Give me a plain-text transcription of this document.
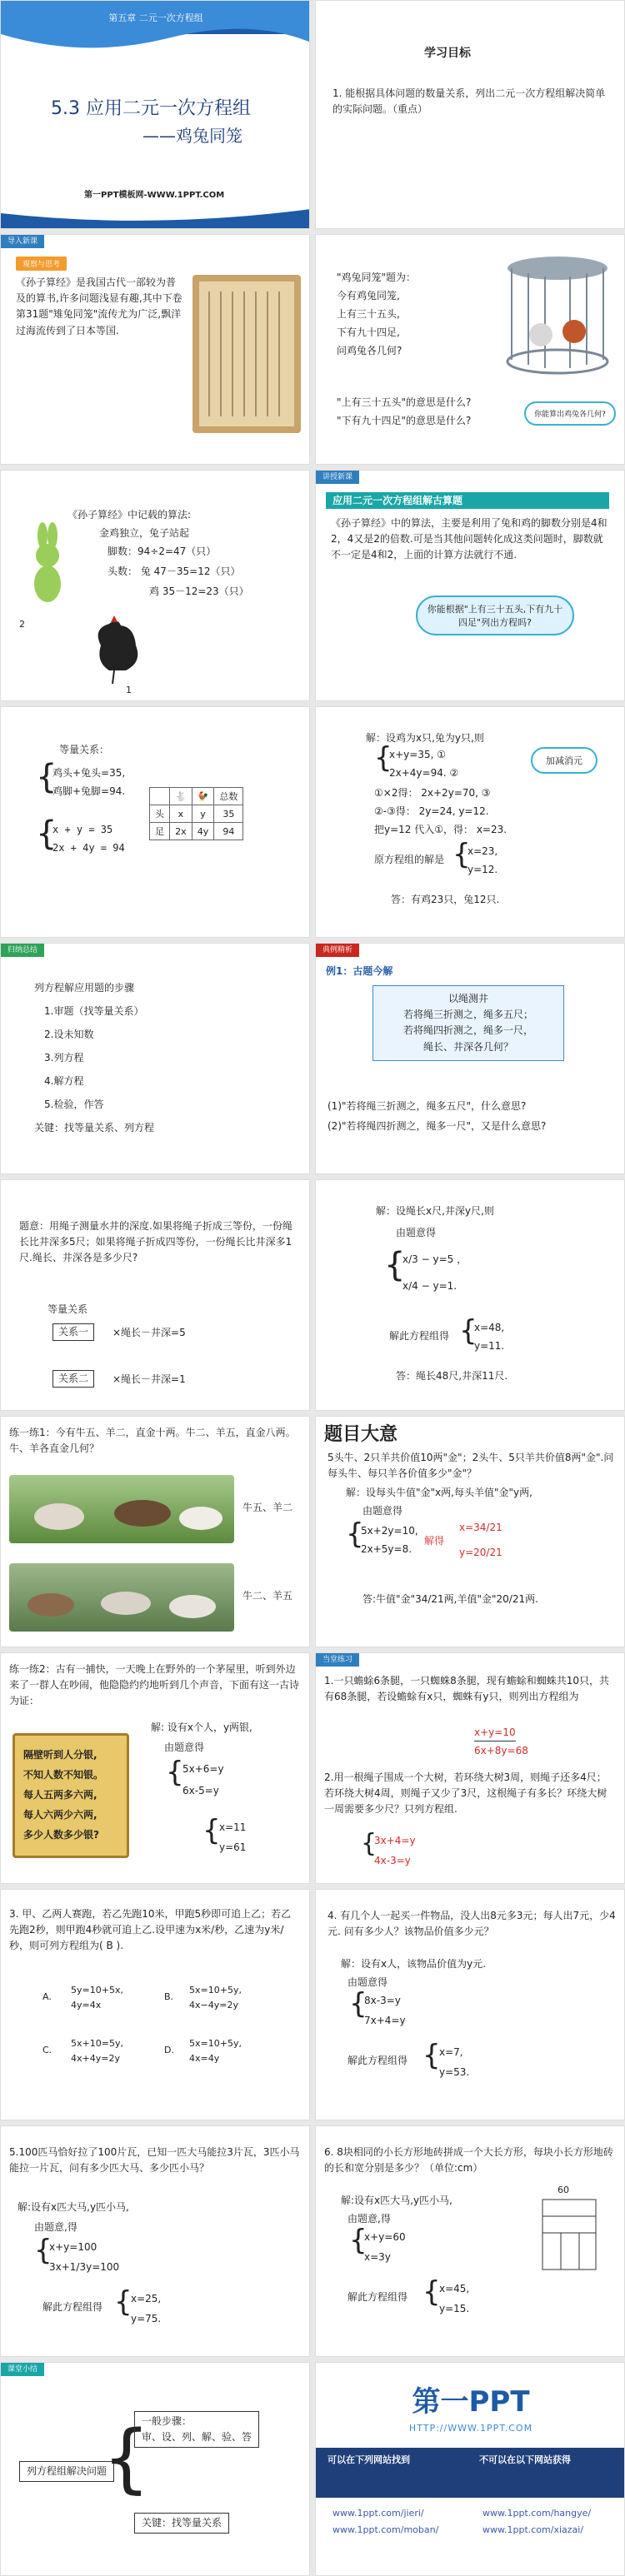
第五章 二元一次方程组
5.3 应用二元一次方程组
——鸡兔同笼
第一PPT模板网-WWW.1PPT.COM
学习目标
1. 能根据具体问题的数量关系，列出二元一次方程组解决简单的实际问题。（重点）
导入新课
观察与思考
《孙子算经》是我国古代一部较为普及的算书,许多问题浅显有趣,其中下卷第31题"雉兔同笼"流传尤为广泛,飘洋过海流传到了日本等国.
"鸡兔同笼"题为：
今有鸡兔同笼,
上有三十五头,
下有九十四足,
问鸡兔各几何?
"上有三十五头"的意思是什么?
"下有九十四足"的意思是什么?	你能算出鸡兔各几何?
《孙子算经》中记载的算法:
金鸡独立，兔子站起
脚数：94÷2=47（只）
头数： 兔 47－35=12（只）
鸡 35－12=23（只）
2
1
讲授新课
应用二元一次方程组解古算题
《孙子算经》中的算法，主要是利用了兔和鸡的脚数分别是4和2，4又是2的倍数.可是当其他问题转化成这类问题时，脚数就不一定是4和2，上面的计算方法就行不通.
你能根据"上有三十五头,下有九十四足"列出方程吗?
等量关系：
{
鸡头+兔头=35,
鸡脚+兔脚=94.
{
x + y = 35
2x + 4y = 94
	🐇	🐓	总数
头	x	y	35
足	2x	4y	94
解：设鸡为x只,兔为y只,则
{
x+y=35, ①
2x+4y=94. ②
①×2得： 2x+2y=70, ③
②-③得： 2y=24, y=12.
把y=12 代入①，得： x=23.
原方程组的解是 {
x=23,
y=12.
答：有鸡23只，兔12只.
加减消元
归纳总结
列方程解应用题的步骤
1.审题（找等量关系）
2.设未知数
3.列方程
4.解方程
5.检验，作答
关键：找等量关系、列方程
典例精析
例1：古题今解
以绳测井
若将绳三折测之，绳多五尺；
若将绳四折测之，绳多一尺，
绳长、井深各几何？
(1)"若将绳三折测之，绳多五尺"，什么意思?
(2)"若将绳四折测之，绳多一尺"，又是什么意思?
题意：用绳子测量水井的深度.如果将绳子折成三等份，一份绳长比井深多5尺；如果将绳子折成四等份，一份绳长比井深多1尺.绳长、井深各是多少尺?
等量关系
关系一	×绳长－井深=5
关系二	×绳长－井深=1
解：设绳长x尺,井深y尺,则
由题意得
{
x/3 − y=5 ，
x/4 − y=1.
解此方程组得 {
x=48,
y=11.
答：绳长48尺,井深11尺.
练一练1：今有牛五、羊二，直金十两。牛二、羊五，直金八两。牛、羊各直金几何？
牛五、羊二
牛二、羊五
题目大意
5头牛、2只羊共价值10两"金"；2头牛、5只羊共价值8两"金".问每头牛、每只羊各价值多少"金"？
解：设每头牛值"金"x两,每头羊值"金"y两,
由题意得
{
5x+2y=10,
2x+5y=8.
解得
x=34/21
y=20/21
答:牛值"金"34/21两,羊值"金"20/21两.
练一练2：古有一捕快，一天晚上在野外的一个茅屋里，听到外边来了一群人在吵闹，他隐隐约约地听到几个声音，下面有这一古诗为证：
隔壁听到人分银,
不知人数不知银。
每人五两多六两,
每人六两少六两,
多少人数多少银?
解: 设有x个人，y两银,
由题意得
{
5x+6=y
6x-5=y
{
x=11
y=61
当堂练习
1.一只蟾蜍6条腿，一只蜘蛛8条腿，现有蟾蜍和蜘蛛共10只，共有68条腿，若设蟾蜍有x只，蜘蛛有y只，则列出方程组为
x+y=10
6x+8y=68
2.用一根绳子围成一个大树，若环绕大树3周，则绳子还多4尺；若环绕大树4周，则绳子又少了3尺，这根绳子有多长？环绕大树一周需要多少尺？只列方程组.
{
3x+4=y
4x-3=y
3. 甲、乙两人赛跑，若乙先跑10米，甲跑5秒即可追上乙；若乙先跑2秒，则甲跑4秒就可追上乙.设甲速为x米/秒，乙速为y米/秒，则可列方程组为( B ).
A.
5y=10+5x,
4y=4x
B.
5x=10+5y,
4x−4y=2y
C.
5x+10=5y,
4x+4y=2y
D.
5x=10+5y,
4x=4y
4. 有几个人一起买一件物品，没人出8元多3元；每人出7元，少4元. 问有多少人？该物品价值多少元？
解：设有x人，该物品价值为y元.
由题意得
{
8x-3=y
7x+4=y
解此方程组得 {
x=7,
y=53.
5.100匹马恰好拉了100片瓦，已知一匹大马能拉3片瓦，3匹小马能拉一片瓦，问有多少匹大马、多少匹小马？
解:设有x匹大马,y匹小马,
由题意,得
{
x+y=100
3x+1/3y=100
解此方程组得 {
x=25,
y=75.
6. 8块相同的小长方形地砖拼成一个大长方形，每块小长方形地砖的长和宽分别是多少？（单位:cm）
解:设有x匹大马,y匹小马,
由题意,得
{
x+y=60
x=3y
解此方程组得 {
x=45,
y=15.
60
课堂小结
列方程组解决问题
{
一般步骤：
审、设、列、解、验、答
关键：找等量关系
第一PPT
HTTP://WWW.1PPT.COM
可以在下列网站找到	不可以在以下网站获得
www.1ppt.com/jieri/
www.1ppt.com/moban/
www.1ppt.com/hangye/
www.1ppt.com/xiazai/
